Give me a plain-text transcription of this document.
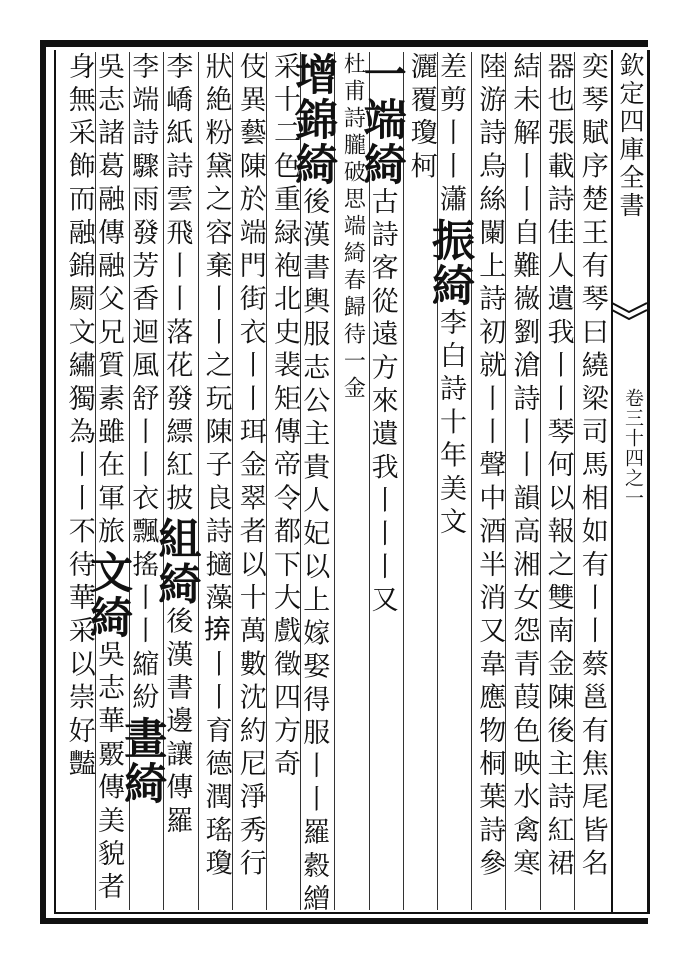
欽定四庫全書
卷三十四之一
奕琴賦序楚王有琴曰繞梁司馬相如有丨丨蔡邕有焦尾皆名
器也張載詩佳人遺我丨丨琴何以報之雙南金陳後主詩紅裙
結未解丨丨自難嶶劉滄詩丨丨韻高湘女怨青葭色映水禽寒
陸游詩烏絲闌上詩初就丨丨聲中酒半消又韋應物桐葉詩參
差剪丨丨瀟振綺李白詩十年美文
灑覆瓊柯
一端綺古詩客從遠方來遺我丨丨丨又
杜甫詩朧破思端綺春歸待一金
增錦綺後漢書輿服志公主貴人妃以上嫁娶得服丨丨羅縠繒
采十二色重緑袍北史裴矩傳帝令都下大戲徵四方奇
伎異藝陳於端門街衣丨丨珥金翠者以十萬數沈約尼淨秀行
狀絶粉黛之容棄丨丨之玩陳子良詩擿藻𢬵丨丨育德潤瑤瓊
李嶠紙詩雲飛丨丨落花發縹紅披組綺後漢書邊讓傳羅
李端詩驟雨發芳香迴風舒丨丨衣飄搖丨丨縮紛畫綺
吳志諸葛融傳融父兄質素雖在軍旅文綺吳志華覈傳美貌者
身無采飾而融錦罽文繡獨為丨丨不待華采以崇好豔
